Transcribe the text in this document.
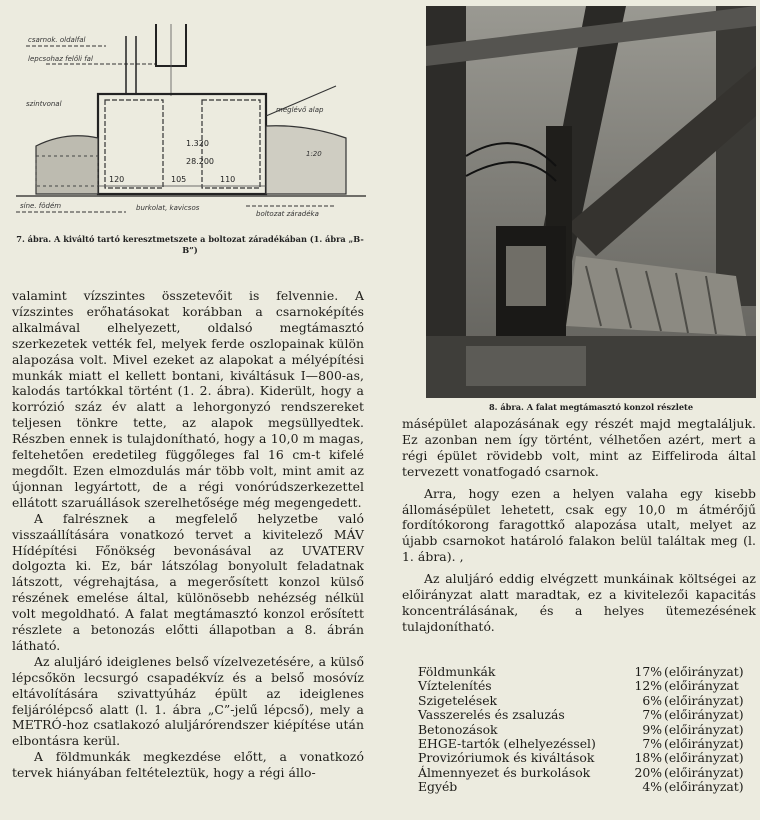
csarnok. oldalfal
lepcsohaz felőli fal
120	105	110
1.320
28.200
meglévő alap
szintvonal
1:20
síne. födém	burkolat, kavicsos
boltozat záradéka
7. ábra. A kiváltó tartó keresztmetszete a boltozat záradékában (1. ábra „B-B”)
8. ábra. A falat megtámasztó konzol részlete

valamint vízszintes összetevőit is felvennie. A vízszintes erőhatásokat korábban a csarnoképítés alkalmával elhelyezett, oldalsó megtámasztó szerkezetek vették fel, melyek ferde oszlopainak külön alapozása volt. Mivel ezeket az alapokat a mélyépítési munkák miatt el kellett bontani, kiváltásuk I—800-as, kalodás tartókkal történt (1. 2. ábra). Kiderült, hogy a korrózió száz év alatt a lehorgonyzó rendszereket teljesen tönkre tette, az alapok megsüllyedtek. Részben ennek is tulajdonítható, hogy a 10,0 m magas, feltehetően eredetileg függőleges fal 16 cm-t kifelé megdőlt. Ezen elmozdulás már több volt, mint amit az újonnan legyártott, de a régi vonórúdszerkezettel ellátott szaruállások szerelhetősége még megengedett.

A falrésznek a megfelelő helyzetbe való visszaállítására vonatkozó tervet a kivitelező MÁV Hídépítési Főnökség bevonásával az UVATERV dolgozta ki. Ez, bár látszólag bonyolult feladatnak látszott, végrehajtása, a megerősített konzol külső részének emelése által, különösebb nehézség nélkül volt megoldható. A falat megtámasztó konzol erősített részlete a betonozás előtti állapotban a 8. ábrán látható.

Az aluljáró ideiglenes belső vízelvezetésére, a külső lépcsőkön lecsurgó csapadékvíz és a belső mosóvíz eltávolítására szivattyúház épült az ideiglenes feljárólépcső alatt (l. 1. ábra „C”-jelű lépcső), mely a METRÓ-hoz csatlakozó aluljárórendszer kiépítése után elbontásra kerül.

A földmunkák megkezdése előtt, a vonatkozó tervek hiányában feltételeztük, hogy a régi állo-

másépület alapozásának egy részét majd megtaláljuk. Ez azonban nem így történt, vélhetően azért, mert a régi épület rövidebb volt, mint az Eiffeliroda által tervezett vonatfogadó csarnok.

Arra, hogy ezen a helyen valaha egy kisebb állomásépület lehetett, csak egy 10,0 m átmérőjű fordítókorong faragottkő alapozása utalt, melyet az újabb csarnokot határoló falakon belül találtak meg (l. 1. ábra). ,

Az aluljáró eddig elvégzett munkáinak költségei az előirányzat alatt maradtak, ez a kivitelezői kapacitás koncentrálásának, és a helyes ütemezésének tulajdonítható.

Földmunkák	17%	(előirányzat)
Víztelenítés	12%	(előirányzat
Szigetelések	6%	(előirányzat)
Vasszerelés és zsaluzás	7%	(előirányzat)
Betonozások	9%	(előirányzat)
EHGE-tartók (elhelyezéssel)	7%	(előirányzat)
Provizóriumok és kiváltások	18%	(előirányzat)
Álmennyezet és burkolások	20%	(előirányzat)
Egyéb	4%	(előirányzat)
